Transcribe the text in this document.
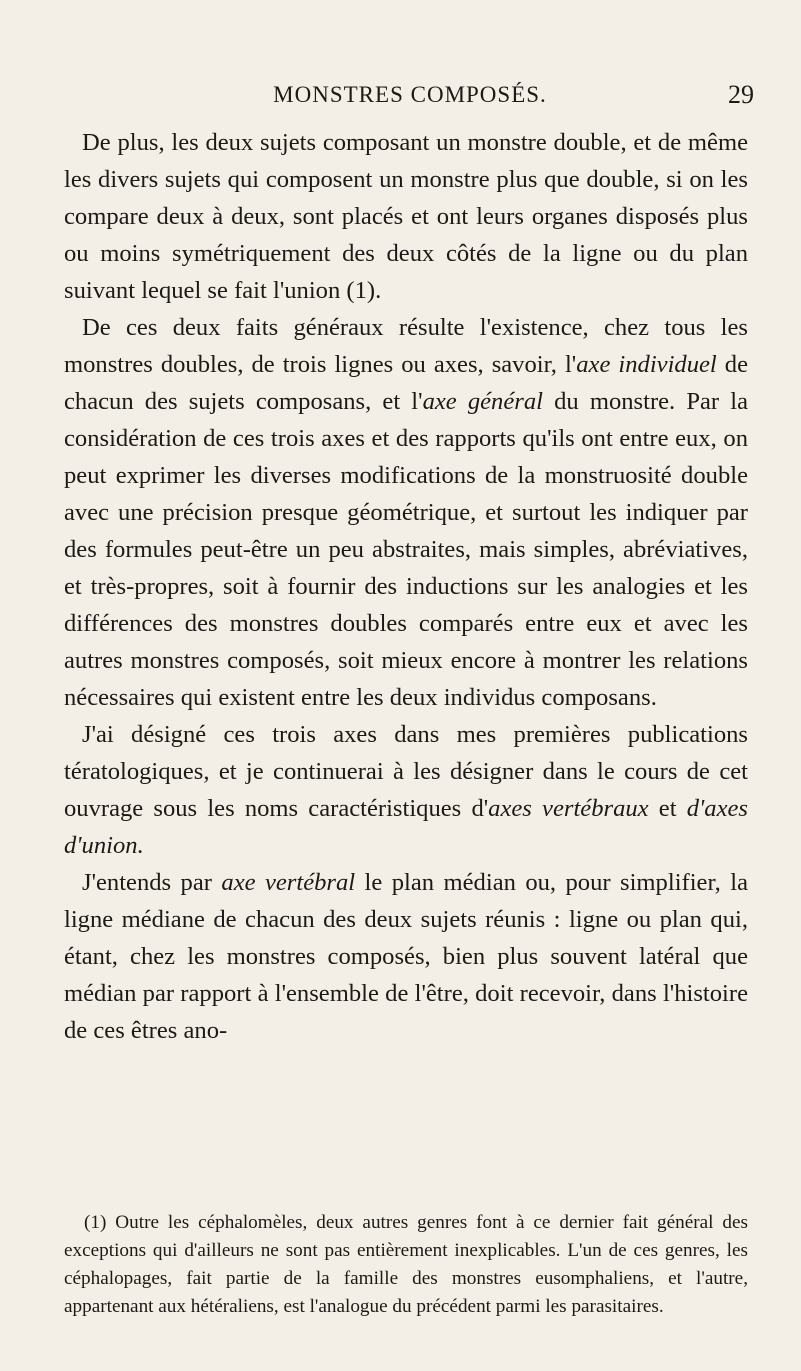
MONSTRES COMPOSÉS.	29

De plus, les deux sujets composant un monstre double, et de même les divers sujets qui composent un monstre plus que double, si on les compare deux à deux, sont placés et ont leurs organes disposés plus ou moins symétriquement des deux côtés de la ligne ou du plan suivant lequel se fait l'union (1).

De ces deux faits généraux résulte l'existence, chez tous les monstres doubles, de trois lignes ou axes, savoir, l'axe individuel de chacun des sujets composans, et l'axe général du monstre. Par la considération de ces trois axes et des rapports qu'ils ont entre eux, on peut exprimer les diverses modifications de la monstruosité double avec une précision presque géométrique, et surtout les indiquer par des formules peut-être un peu abstraites, mais simples, abréviatives, et très-propres, soit à fournir des inductions sur les analogies et les différences des monstres doubles comparés entre eux et avec les autres monstres composés, soit mieux encore à montrer les relations nécessaires qui existent entre les deux individus composans.

J'ai désigné ces trois axes dans mes premières publications tératologiques, et je continuerai à les désigner dans le cours de cet ouvrage sous les noms caractéristiques d'axes vertébraux et d'axes d'union.

J'entends par axe vertébral le plan médian ou, pour simplifier, la ligne médiane de chacun des deux sujets réunis : ligne ou plan qui, étant, chez les monstres composés, bien plus souvent latéral que médian par rapport à l'ensemble de l'être, doit recevoir, dans l'histoire de ces êtres ano-

(1) Outre les céphalomèles, deux autres genres font à ce dernier fait général des exceptions qui d'ailleurs ne sont pas entièrement inexplicables. L'un de ces genres, les céphalopages, fait partie de la famille des monstres eusomphaliens, et l'autre, appartenant aux hétéraliens, est l'analogue du précédent parmi les parasitaires.
